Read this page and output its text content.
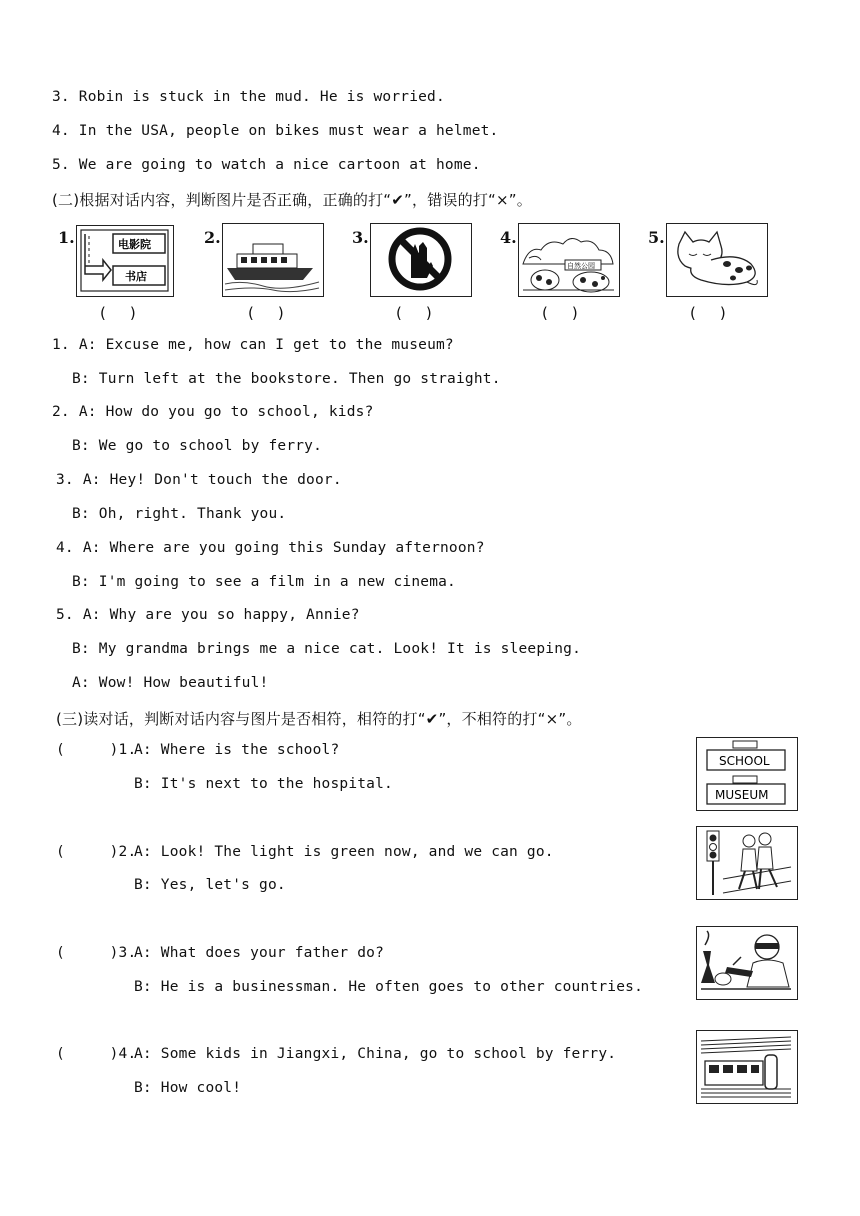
3. Robin is stuck in the mud. He is worried.
4. In the USA, people on bikes must wear a helmet.
5. We are going to watch a nice cartoon at home.
(二)根据对话内容，判断图片是否正确，正确的打“✔”，错误的打“×”。
1.	电影院
书店
(    )
2.
(    )
3.
(    )
4.
自然公园
(    )
5.
(    )
1. A: Excuse me, how can I get to the museum?
B: Turn left at the bookstore. Then go straight.
2. A: How do you go to school, kids?
B: We go to school by ferry.
3. A: Hey! Don't touch the door.
B: Oh, right. Thank you.
4. A: Where are you going this Sunday afternoon?
B: I'm going to see a film in a new cinema.
5. A: Why are you so happy, Annie?
B: My grandma brings me a nice cat. Look! It is sleeping.
A: Wow! How beautiful!
(三)读对话，判断对话内容与图片是否相符，相符的打“✔”，不相符的打“×”。
(     )1.
A: Where is the school?
B: It's next to the hospital.
SCHOOL
MUSEUM
(     )2.
A: Look! The light is green now, and we can go.
B: Yes, let's go.
(     )3.
A: What does your father do?
B: He is a businessman. He often goes to other countries.
(     )4.
A: Some kids in Jiangxi, China, go to school by ferry.
B: How cool!
